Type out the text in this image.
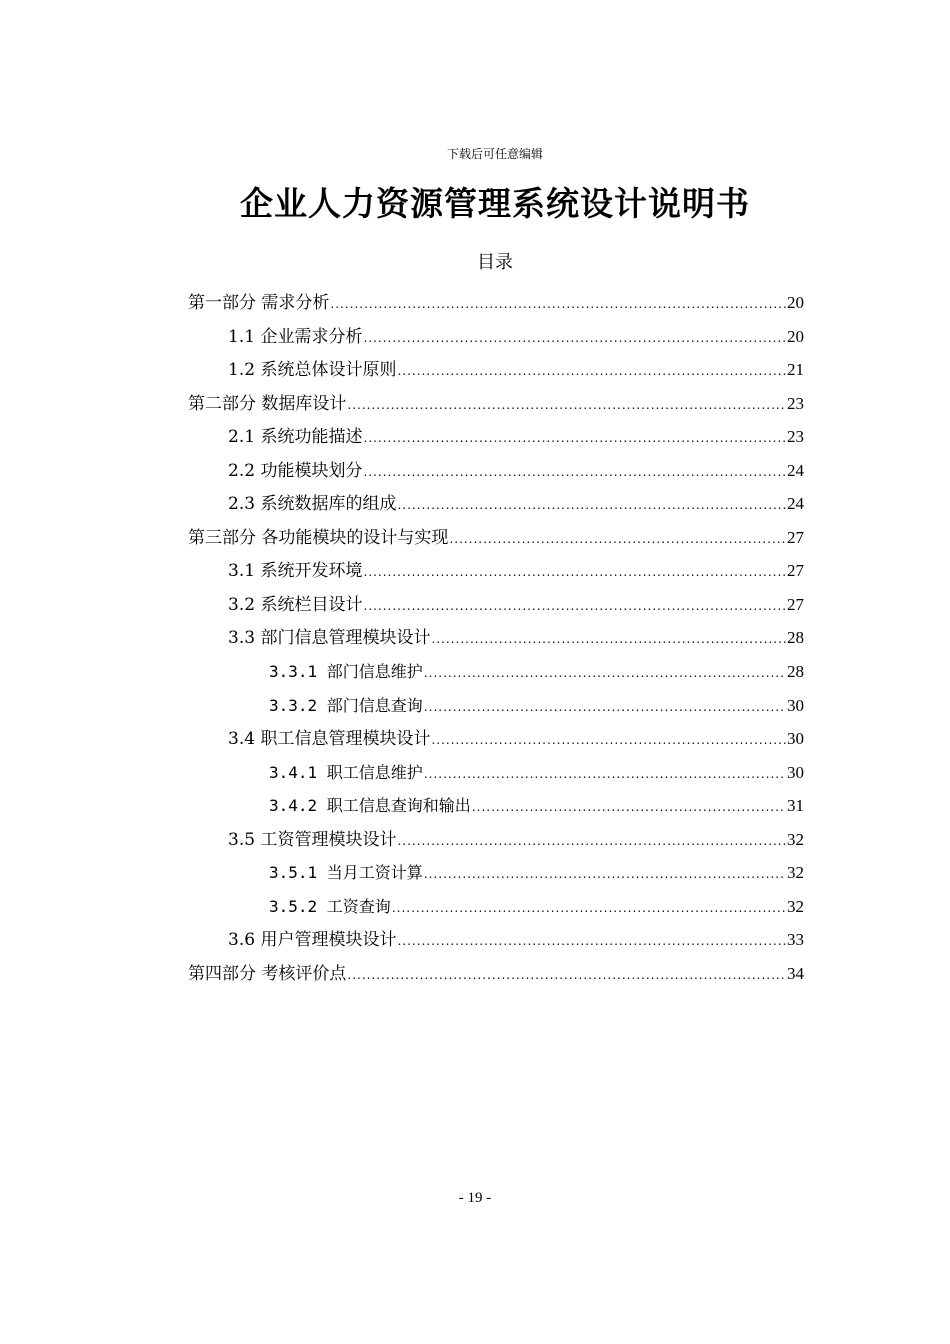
下载后可任意编辑
企业人力资源管理系统设计说明书
目录
第一部分 需求分析 .....	20
1.1 企业需求分析 .....	20
1.2 系统总体设计原则 .....	21
第二部分 数据库设计 .....	23
2.1 系统功能描述 .....	23
2.2 功能模块划分 .....	24
2.3 系统数据库的组成 .....	24
第三部分 各功能模块的设计与实现 .....	27
3.1 系统开发环境 .....	27
3.2 系统栏目设计 .....	27
3.3 部门信息管理模块设计 .....	28
3.3.1 部门信息维护 .....	28
3.3.2 部门信息查询 .....	30
3.4 职工信息管理模块设计 .....	30
3.4.1 职工信息维护 .....	30
3.4.2 职工信息查询和输出 .....	31
3.5 工资管理模块设计 .....	32
3.5.1 当月工资计算 .....	32
3.5.2 工资查询 .....	32
3.6 用户管理模块设计 .....	33
第四部分 考核评价点 .....	34
- 19 -
